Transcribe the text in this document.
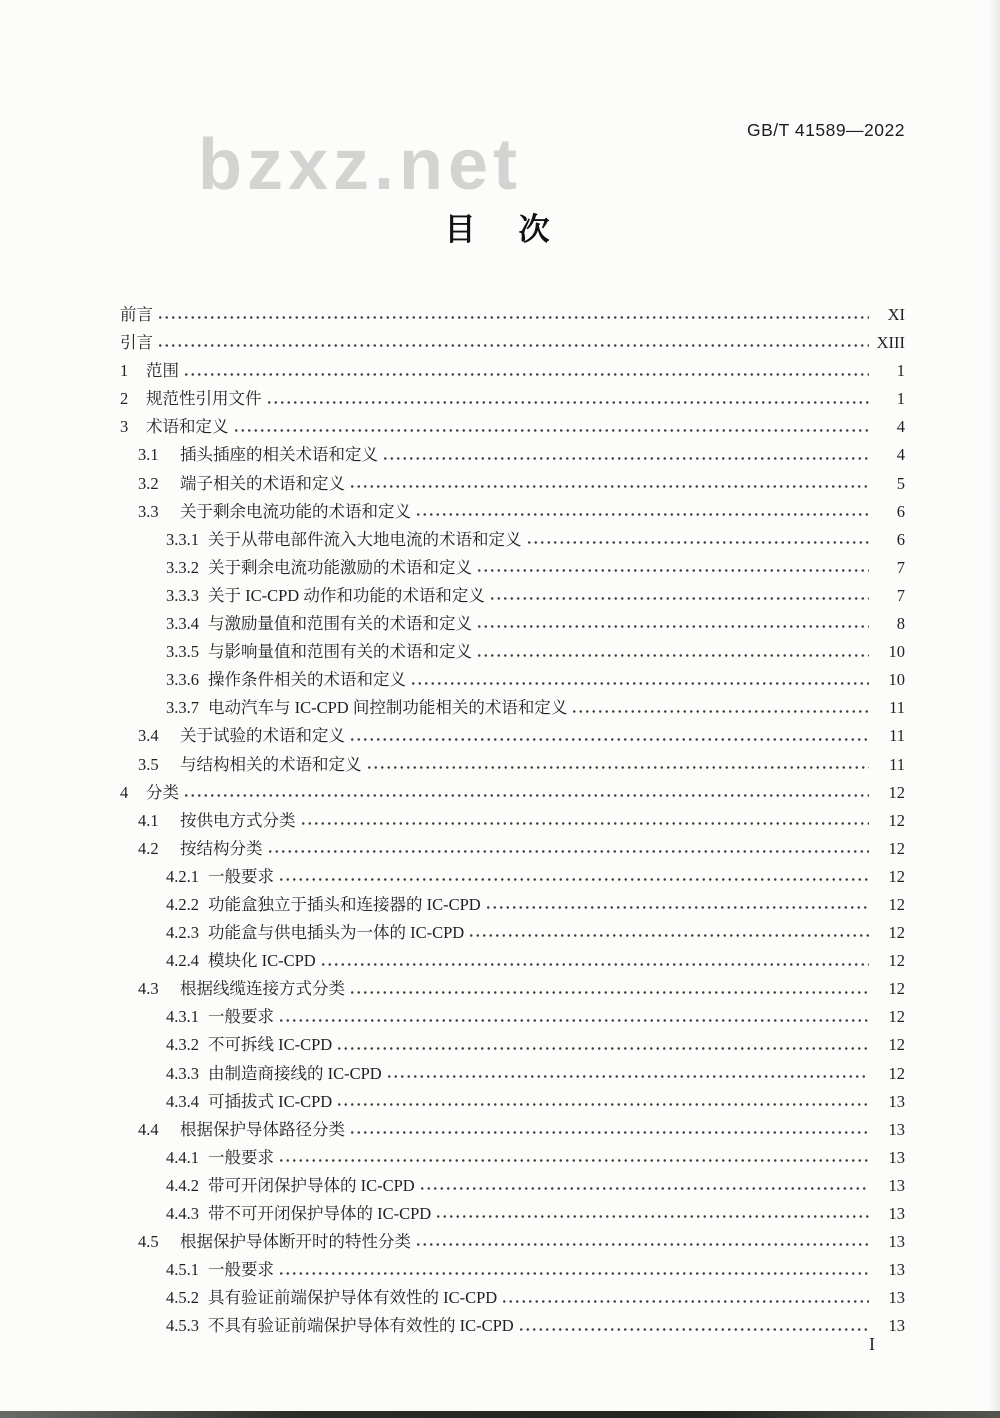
GB/T 41589—2022
bzxz.net
目　次
前言	XI
引言	XIII
1	范围	1
2	规范性引用文件	1
3	术语和定义	4
3.1	插头插座的相关术语和定义	4
3.2	端子相关的术语和定义	5
3.3	关于剩余电流功能的术语和定义	6
3.3.1 关于从带电部件流入大地电流的术语和定义	6
3.3.2 关于剩余电流功能激励的术语和定义	7
3.3.3 关于 IC-CPD 动作和功能的术语和定义	7
3.3.4 与激励量值和范围有关的术语和定义	8
3.3.5 与影响量值和范围有关的术语和定义	10
3.3.6 操作条件相关的术语和定义	10
3.3.7 电动汽车与 IC-CPD 间控制功能相关的术语和定义	11
3.4	关于试验的术语和定义	11
3.5	与结构相关的术语和定义	11
4	分类	12
4.1	按供电方式分类	12
4.2	按结构分类	12
4.2.1 一般要求	12
4.2.2 功能盒独立于插头和连接器的 IC-CPD	12
4.2.3 功能盒与供电插头为一体的 IC-CPD	12
4.2.4 模块化 IC-CPD	12
4.3	根据线缆连接方式分类	12
4.3.1 一般要求	12
4.3.2 不可拆线 IC-CPD	12
4.3.3 由制造商接线的 IC-CPD	12
4.3.4 可插拔式 IC-CPD	13
4.4	根据保护导体路径分类	13
4.4.1 一般要求	13
4.4.2 带可开闭保护导体的 IC-CPD	13
4.4.3 带不可开闭保护导体的 IC-CPD	13
4.5	根据保护导体断开时的特性分类	13
4.5.1 一般要求	13
4.5.2 具有验证前端保护导体有效性的 IC-CPD	13
4.5.3 不具有验证前端保护导体有效性的 IC-CPD	13
I
